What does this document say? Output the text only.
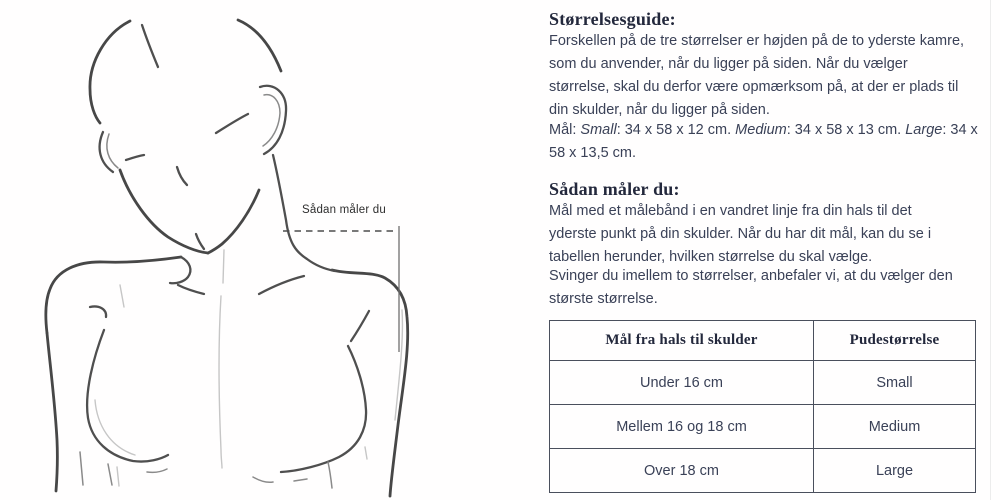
Sådan måler du
Størrelsesguide:
Forskellen på de tre størrelser er højden på de to yderste kamre,
som du anvender, når du ligger på siden. Når du vælger
størrelse, skal du derfor være opmærksom på, at der er plads til
din skulder, når du ligger på siden.
Mål: Small: 34 x 58 x 12 cm. Medium: 34 x 58 x 13 cm. Large: 34 x
58 x 13,5 cm.
Sådan måler du:
Mål med et målebånd i en vandret linje fra din hals til det
yderste punkt på din skulder. Når du har dit mål, kan du se i
tabellen herunder, hvilken størrelse du skal vælge.
Svinger du imellem to størrelser, anbefaler vi, at du vælger den
største størrelse.
Mål fra hals til skulder	Pudestørrelse
Under 16 cm	Small
Mellem 16 og 18 cm	Medium
Over 18 cm	Large
